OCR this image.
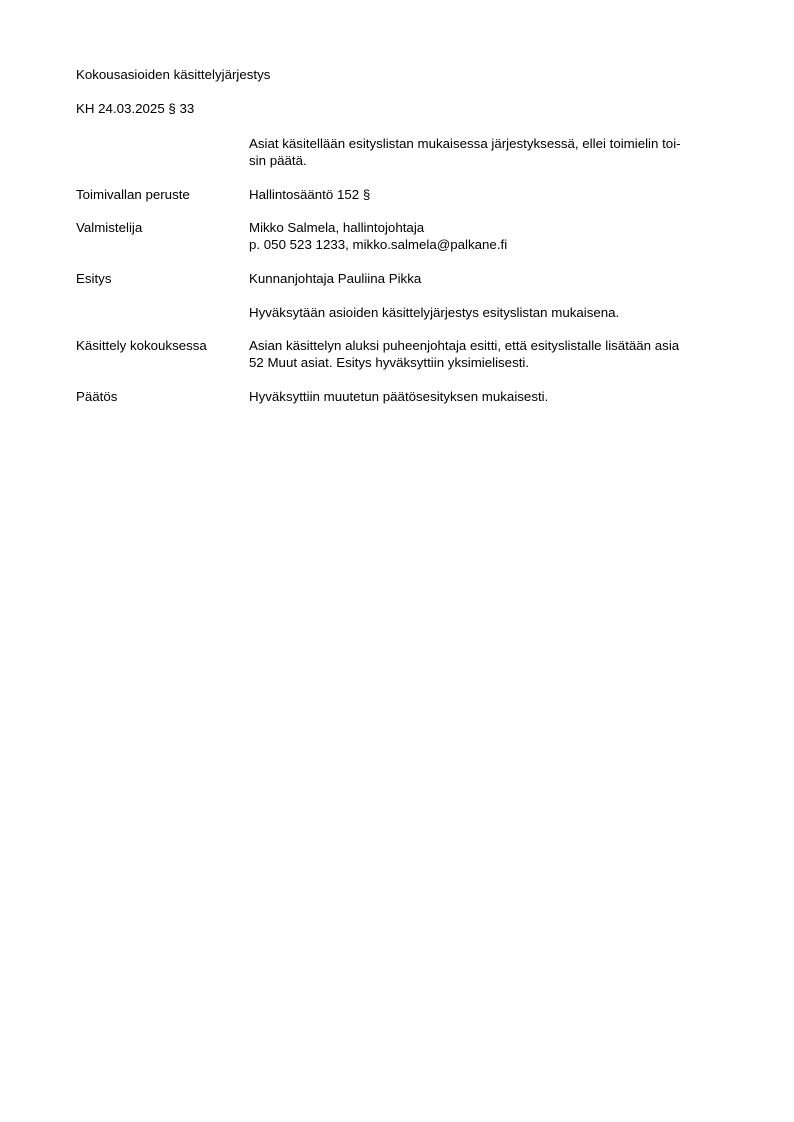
Kokousasioiden käsittelyjärjestys
KH 24.03.2025 § 33
Asiat käsitellään esityslistan mukaisessa järjestyksessä, ellei toimielin toi-
sin päätä.
Toimivallan peruste	Hallintosääntö 152 §
Valmistelija	Mikko Salmela, hallintojohtaja
p. 050 523 1233, mikko.salmela@palkane.fi
Esitys	Kunnanjohtaja Pauliina Pikka
Hyväksytään asioiden käsittelyjärjestys esityslistan mukaisena.
Käsittely kokouksessa	Asian käsittelyn aluksi puheenjohtaja esitti, että esityslistalle lisätään asia
52 Muut asiat. Esitys hyväksyttiin yksimielisesti.
Päätös	Hyväksyttiin muutetun päätösesityksen mukaisesti.
